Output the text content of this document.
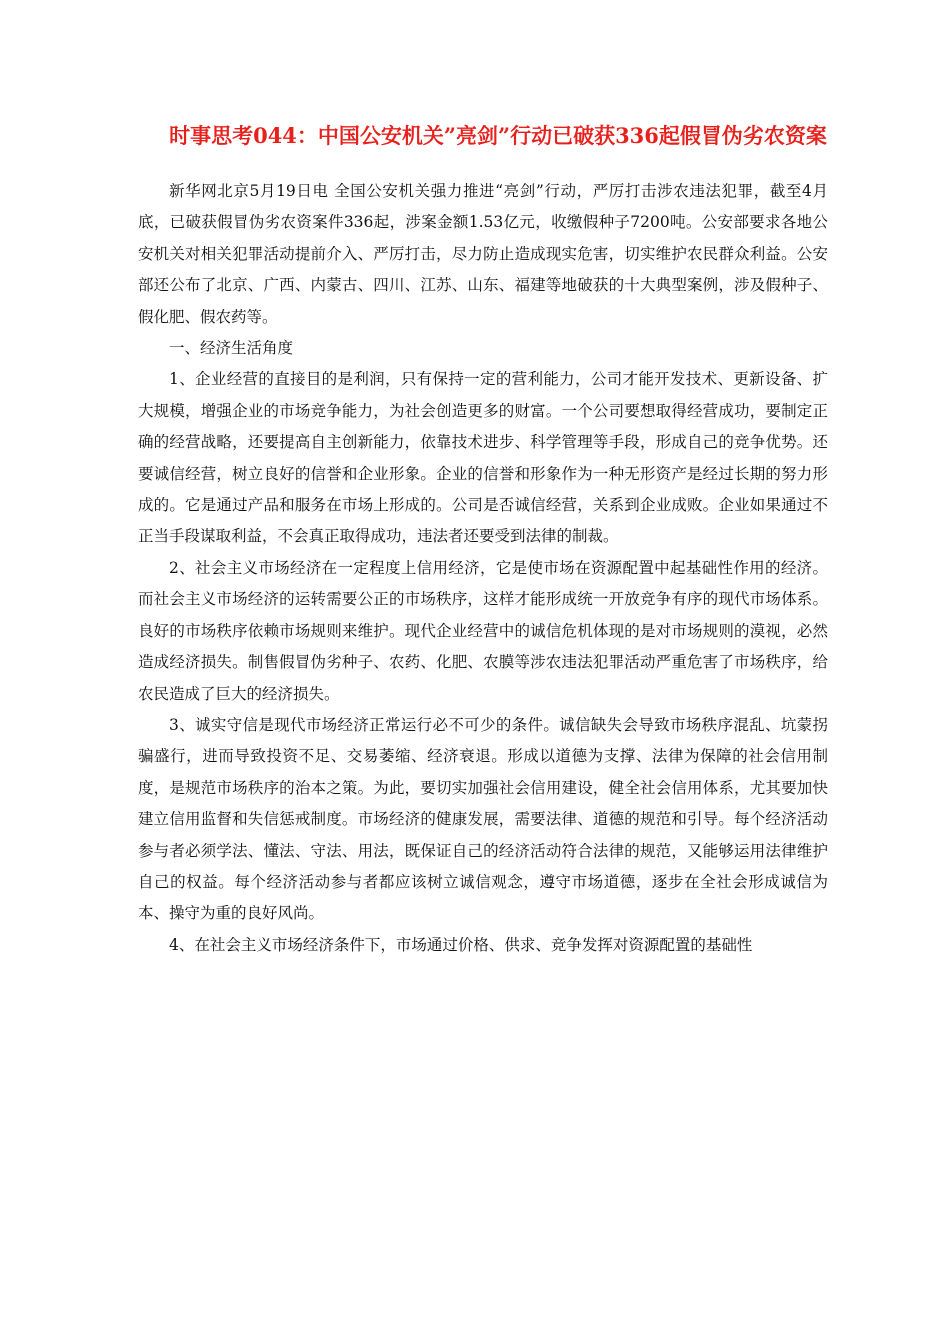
时事思考044：中国公安机关”亮剑”行动已破获336起假冒伪劣农资案

新华网北京5月19日电 全国公安机关强力推进“亮剑”行动，严厉打击涉农违法犯罪，截至4月底，已破获假冒伪劣农资案件336起，涉案金额1.53亿元，收缴假种子7200吨。公安部要求各地公安机关对相关犯罪活动提前介入、严厉打击，尽力防止造成现实危害，切实维护农民群众利益。公安部还公布了北京、广西、内蒙古、四川、江苏、山东、福建等地破获的十大典型案例，涉及假种子、假化肥、假农药等。

一、经济生活角度

1、企业经营的直接目的是利润，只有保持一定的营利能力，公司才能开发技术、更新设备、扩大规模，增强企业的市场竞争能力，为社会创造更多的财富。一个公司要想取得经营成功，要制定正确的经营战略，还要提高自主创新能力，依靠技术进步、科学管理等手段，形成自己的竞争优势。还要诚信经营，树立良好的信誉和企业形象。企业的信誉和形象作为一种无形资产是经过长期的努力形成的。它是通过产品和服务在市场上形成的。公司是否诚信经营，关系到企业成败。企业如果通过不正当手段谋取利益，不会真正取得成功，违法者还要受到法律的制裁。

2、社会主义市场经济在一定程度上信用经济，它是使市场在资源配置中起基础性作用的经济。而社会主义市场经济的运转需要公正的市场秩序，这样才能形成统一开放竞争有序的现代市场体系。良好的市场秩序依赖市场规则来维护。现代企业经营中的诚信危机体现的是对市场规则的漠视，必然造成经济损失。制售假冒伪劣种子、农药、化肥、农膜等涉农违法犯罪活动严重危害了市场秩序，给农民造成了巨大的经济损失。

3、诚实守信是现代市场经济正常运行必不可少的条件。诚信缺失会导致市场秩序混乱、坑蒙拐骗盛行，进而导致投资不足、交易萎缩、经济衰退。形成以道德为支撑、法律为保障的社会信用制度，是规范市场秩序的治本之策。为此，要切实加强社会信用建设，健全社会信用体系，尤其要加快建立信用监督和失信惩戒制度。市场经济的健康发展，需要法律、道德的规范和引导。每个经济活动参与者必须学法、懂法、守法、用法，既保证自己的经济活动符合法律的规范，又能够运用法律维护自己的权益。每个经济活动参与者都应该树立诚信观念，遵守市场道德，逐步在全社会形成诚信为本、操守为重的良好风尚。

4、在社会主义市场经济条件下，市场通过价格、供求、竞争发挥对资源配置的基础性
